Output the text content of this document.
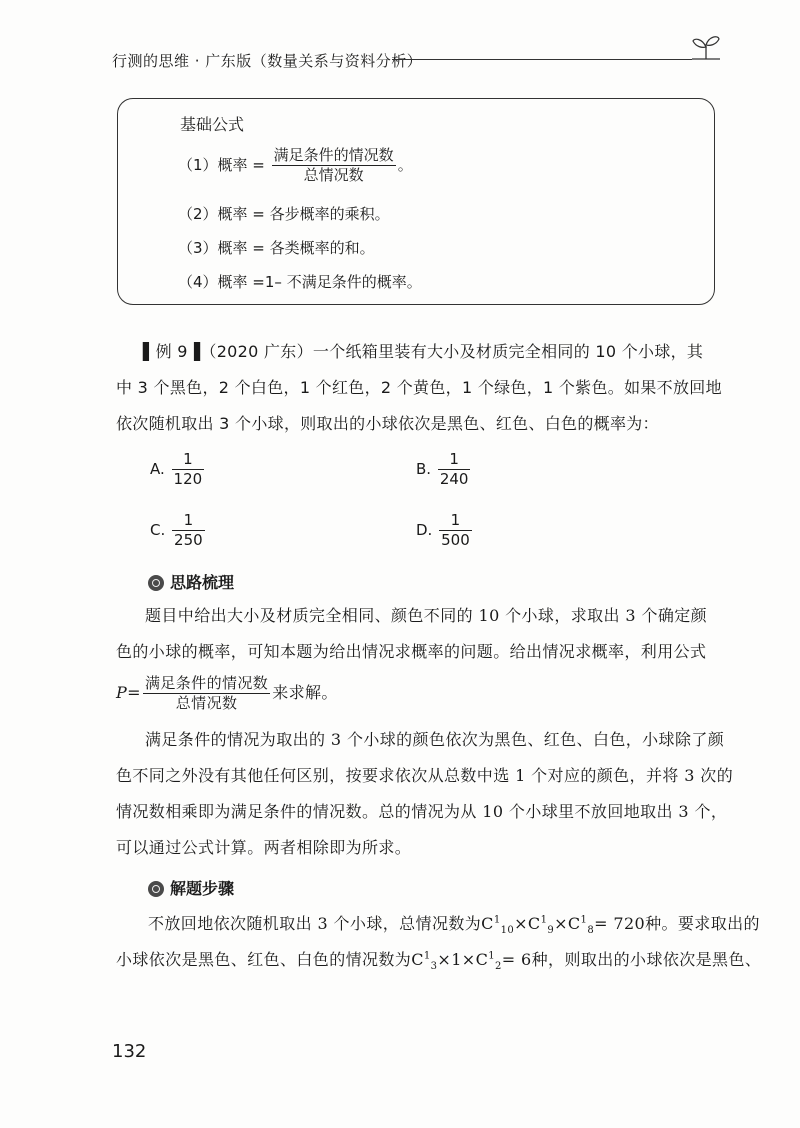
行测的思维 · 广东版（数量关系与资料分析）
基础公式
（1）概率 = $\frac{\text{满足条件的情况数}}{\text{总情况数}}$ 。
（2）概率 = 各步概率的乘积。
（3）概率 = 各类概率的和。
（4）概率 =1– 不满足条件的概率。
▌例 9▐（2020 广东）一个纸箱里装有大小及材质完全相同的 10 个小球，其
中 3 个黑色，2 个白色，1 个红色，2 个黄色，1 个绿色，1 个紫色。如果不放回地
依次随机取出 3 个小球，则取出的小球依次是黑色、红色、白色的概率为：
A. $\frac{1}{120}$	B. $\frac{1}{240}$
C. $\frac{1}{250}$	D. $\frac{1}{500}$
思路梳理
题目中给出大小及材质完全相同、颜色不同的 10 个小球，求取出 3 个确定颜
色的小球的概率，可知本题为给出情况求概率的问题。给出情况求概率，利用公式
$P= \frac{\text{满足条件的情况数}}{\text{总情况数}}$ 来求解。
满足条件的情况为取出的 3 个小球的颜色依次为黑色、红色、白色，小球除了颜
色不同之外没有其他任何区别，按要求依次从总数中选 1 个对应的颜色，并将 3 次的
情况数相乘即为满足条件的情况数。总的情况为从 10 个小球里不放回地取出 3 个，
可以通过公式计算。两者相除即为所求。
解题步骤
不放回地依次随机取出 3 个小球，总情况数为$C^1_{10}\times C^1_9\times C^1_8= 720$种。要求取出的
小球依次是黑色、红色、白色的情况数为$C^1_3\times 1\times C^1_2= 6$种，则取出的小球依次是黑色、
132
